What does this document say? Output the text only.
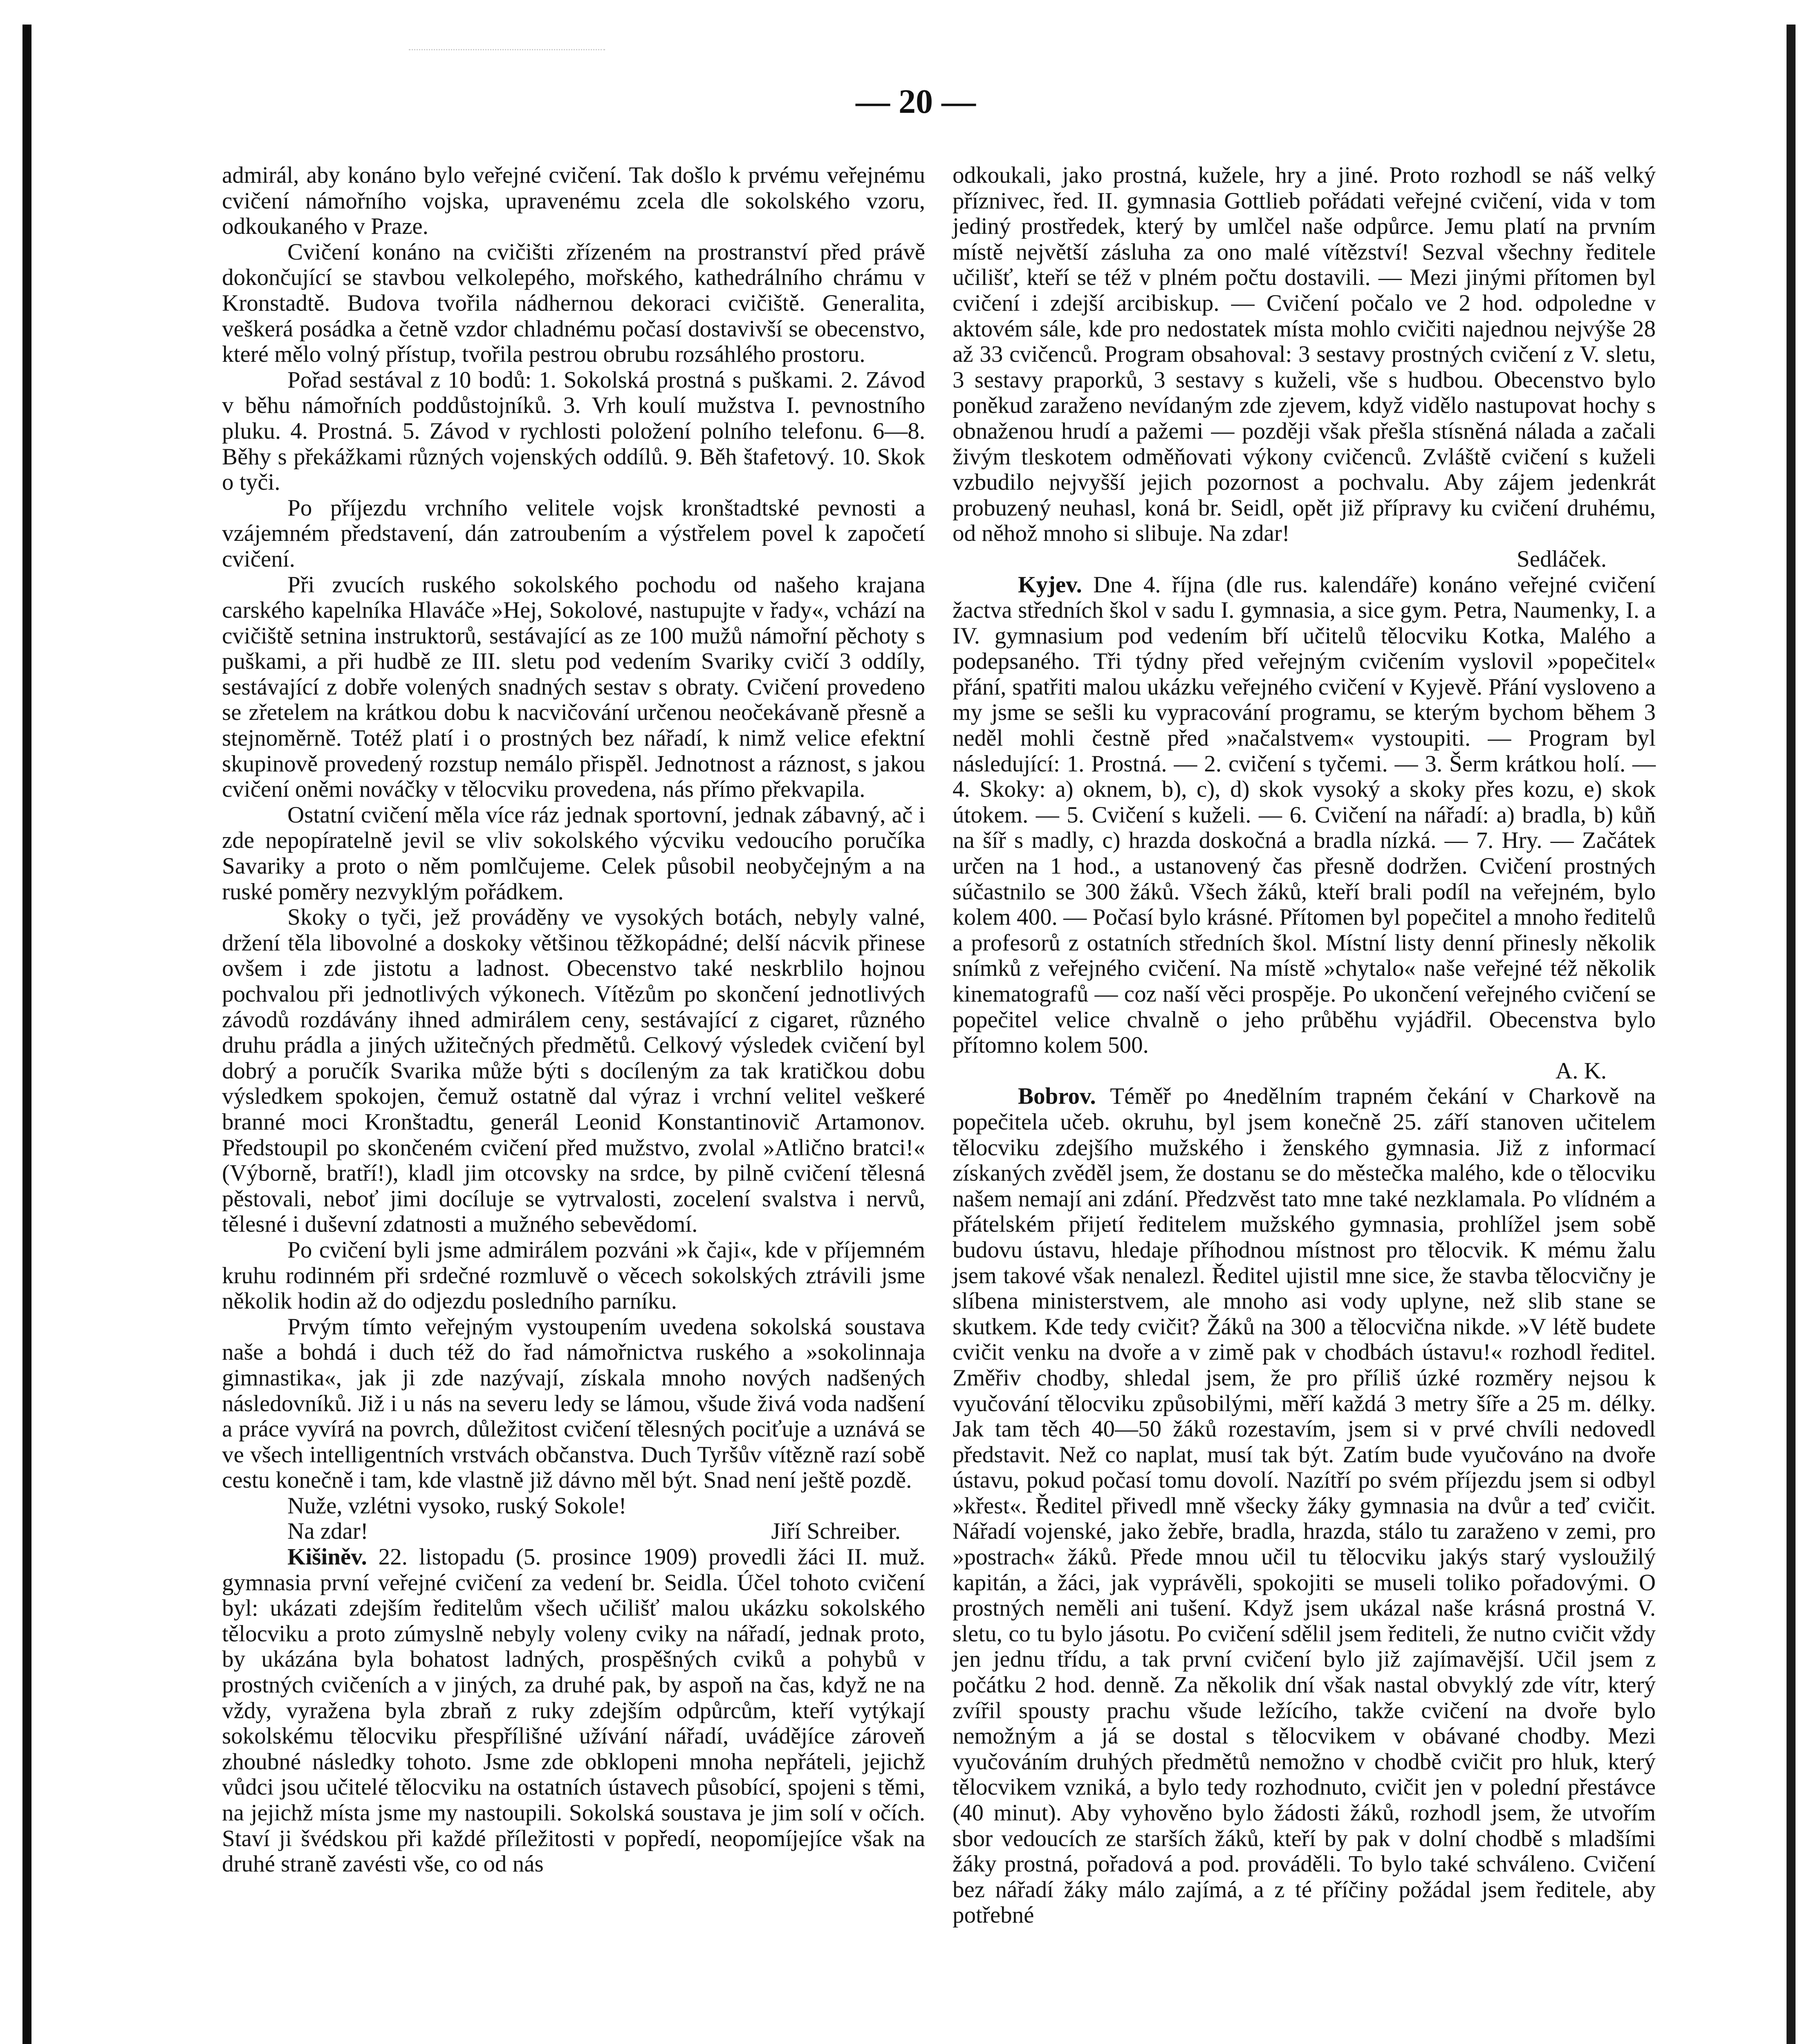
— 20 —

admirál, aby konáno bylo veřejné cvičení. Tak došlo k prvému veřejnému cvičení námořního vojska, upravenému zcela dle sokolského vzoru, odkoukaného v Praze.

Cvičení konáno na cvičišti zřízeném na prostranství před právě dokončující se stavbou velkolepého, mořského, kathedrálního chrámu v Kronstadtě. Budova tvořila nádhernou dekoraci cvičiště. Generalita, veškerá posádka a četně vzdor chladnému počasí dostavivší se obecenstvo, které mělo volný přístup, tvořila pestrou obrubu rozsáhlého prostoru.

Pořad sestával z 10 bodů: 1. Sokolská prostná s puškami. 2. Závod v běhu námořních poddůstojníků. 3. Vrh koulí mužstva I. pevnostního pluku. 4. Prostná. 5. Závod v rychlosti položení polního telefonu. 6—8. Běhy s překážkami různých vojenských oddílů. 9. Běh štafetový. 10. Skok o tyči.

Po příjezdu vrchního velitele vojsk kronštadtské pevnosti a vzájemném představení, dán zatroubením a výstřelem povel k započetí cvičení.

Při zvucích ruského sokolského pochodu od našeho krajana carského kapelníka Hlaváče »Hej, Sokolové, nastupujte v řady«, vchází na cvičiště setnina instruktorů, sestávající as ze 100 mužů námořní pěchoty s puškami, a při hudbě ze III. sletu pod vedením Svariky cvičí 3 oddíly, sestávající z dobře volených snadných sestav s obraty. Cvičení provedeno se zřetelem na krátkou dobu k nacvičování určenou neočekávaně přesně a stejnoměrně. Totéž platí i o prostných bez nářadí, k nimž velice efektní skupinově provedený rozstup nemálo přispěl. Jednotnost a ráznost, s jakou cvičení oněmi nováčky v tělocviku provedena, nás přímo překvapila.

Ostatní cvičení měla více ráz jednak sportovní, jednak zábavný, ač i zde nepopíratelně jevil se vliv sokolského výcviku vedoucího poručíka Savariky a proto o něm pomlčujeme. Celek působil neobyčejným a na ruské poměry nezvyklým pořádkem.

Skoky o tyči, jež prováděny ve vysokých botách, nebyly valné, držení těla libovolné a doskoky většinou těžkopádné; delší nácvik přinese ovšem i zde jistotu a ladnost. Obecenstvo také neskrblilo hojnou pochvalou při jednotlivých výkonech. Vítězům po skončení jednotlivých závodů rozdávány ihned admirálem ceny, sestávající z cigaret, různého druhu prádla a jiných užitečných předmětů. Celkový výsledek cvičení byl dobrý a poručík Svarika může býti s docíleným za tak kratičkou dobu výsledkem spokojen, čemuž ostatně dal výraz i vrchní velitel veškeré branné moci Kronštadtu, generál Leonid Konstantinovič Artamonov. Předstoupil po skončeném cvičení před mužstvo, zvolal »Atlično bratci!« (Výborně, bratří!), kladl jim otcovsky na srdce, by pilně cvičení tělesná pěstovali, neboť jimi docíluje se vytrvalosti, zocelení svalstva i nervů, tělesné i duševní zdatnosti a mužného sebevědomí.

Po cvičení byli jsme admirálem pozváni »k čaji«, kde v příjemném kruhu rodinném při srdečné rozmluvě o věcech sokolských ztrávili jsme několik hodin až do odjezdu posledního parníku.

Prvým tímto veřejným vystoupením uvedena sokolská soustava naše a bohdá i duch též do řad námořnictva ruského a »sokolinnaja gimnastika«, jak ji zde nazývají, získala mnoho nových nadšených následovníků. Již i u nás na severu ledy se lámou, všude živá voda nadšení a práce vyvírá na povrch, důležitost cvičení tělesných pociťuje a uznává se ve všech intelligentních vrstvách občanstva. Duch Tyršův vítězně razí sobě cestu konečně i tam, kde vlastně již dávno měl být. Snad není ještě pozdě.

Nuže, vzlétni vysoko, ruský Sokole!

Na zdar!	Jiří Schreiber.

Kišiněv. 22. listopadu (5. prosince 1909) provedli žáci II. muž. gymnasia první veřejné cvičení za vedení br. Seidla. Účel tohoto cvičení byl: ukázati zdejším ředitelům všech učilišť malou ukázku sokolského tělocviku a proto zúmyslně nebyly voleny cviky na nářadí, jednak proto, by ukázána byla bohatost ladných, prospěšných cviků a pohybů v prostných cvičeních a v jiných, za druhé pak, by aspoň na čas, když ne na vždy, vyražena byla zbraň z ruky zdejším odpůrcům, kteří vytýkají sokolskému tělocviku přespřílišné užívání nářadí, uvádějíce zároveň zhoubné následky tohoto. Jsme zde obklopeni mnoha nepřáteli, jejichž vůdci jsou učitelé tělocviku na ostatních ústavech působící, spojeni s těmi, na jejichž místa jsme my nastoupili. Sokolská soustava je jim solí v očích. Staví ji švédskou při každé příležitosti v popředí, neopomíjejíce však na druhé straně zavésti vše, co od nás

odkoukali, jako prostná, kužele, hry a jiné. Proto rozhodl se náš velký příznivec, řed. II. gymnasia Gottlieb pořádati veřejné cvičení, vida v tom jediný prostředek, který by umlčel naše odpůrce. Jemu platí na prvním místě největší zásluha za ono malé vítězství! Sezval všechny ředitele učilišť, kteří se též v plném počtu dostavili. — Mezi jinými přítomen byl cvičení i zdejší arcibiskup. — Cvičení počalo ve 2 hod. odpoledne v aktovém sále, kde pro nedostatek místa mohlo cvičiti najednou nejvýše 28 až 33 cvičenců. Program obsahoval: 3 sestavy prostných cvičení z V. sletu, 3 sestavy praporků, 3 sestavy s kuželi, vše s hudbou. Obecenstvo bylo poněkud zaraženo nevídaným zde zjevem, když vidělo nastupovat hochy s obnaženou hrudí a pažemi — později však přešla stísněná nálada a začali živým tleskotem odměňovati výkony cvičenců. Zvláště cvičení s kuželi vzbudilo nejvyšší jejich pozornost a pochvalu. Aby zájem jedenkrát probuzený neuhasl, koná br. Seidl, opět již přípravy ku cvičení druhému, od něhož mnoho si slibuje. Na zdar!

Sedláček.

Kyjev. Dne 4. října (dle rus. kalendáře) konáno veřejné cvičení žactva středních škol v sadu I. gymnasia, a sice gym. Petra, Naumenky, I. a IV. gymnasium pod vedením bří učitelů tělocviku Kotka, Malého a podepsaného. Tři týdny před veřejným cvičením vyslovil »popečitel« přání, spatřiti malou ukázku veřejného cvičení v Kyjevě. Přání vysloveno a my jsme se sešli ku vypracování programu, se kterým bychom během 3 neděl mohli čestně před »načalstvem« vystoupiti. — Program byl následující: 1. Prostná. — 2. cvičení s tyčemi. — 3. Šerm krátkou holí. — 4. Skoky: a) oknem, b), c), d) skok vysoký a skoky přes kozu, e) skok útokem. — 5. Cvičení s kuželi. — 6. Cvičení na nářadí: a) bradla, b) kůň na šíř s madly, c) hrazda doskočná a bradla nízká. — 7. Hry. — Začátek určen na 1 hod., a ustanovený čas přesně dodržen. Cvičení prostných súčastnilo se 300 žáků. Všech žáků, kteří brali podíl na veřejném, bylo kolem 400. — Počasí bylo krásné. Přítomen byl popečitel a mnoho ředitelů a profesorů z ostatních středních škol. Místní listy denní přinesly několik snímků z veřejného cvičení. Na místě »chytalo« naše veřejné též několik kinematografů — coz naší věci prospěje. Po ukončení veřejného cvičení se popečitel velice chvalně o jeho průběhu vyjádřil. Obecenstva bylo přítomno kolem 500.

A. K.

Bobrov. Téměř po 4nedělním trapném čekání v Charkově na popečitela učeb. okruhu, byl jsem konečně 25. září stanoven učitelem tělocviku zdejšího mužského i ženského gymnasia. Již z informací získaných zvěděl jsem, že dostanu se do městečka malého, kde o tělocviku našem nemají ani zdání. Předzvěst tato mne také nezklamala. Po vlídném a přátelském přijetí ředitelem mužského gymnasia, prohlížel jsem sobě budovu ústavu, hledaje příhodnou místnost pro tělocvik. K mému žalu jsem takové však nenalezl. Ředitel ujistil mne sice, že stavba tělocvičny je slíbena ministerstvem, ale mnoho asi vody uplyne, než slib stane se skutkem. Kde tedy cvičit? Žáků na 300 a tělocvična nikde. »V létě budete cvičit venku na dvoře a v zimě pak v chodbách ústavu!« rozhodl ředitel. Změřiv chodby, shledal jsem, že pro příliš úzké rozměry nejsou k vyučování tělocviku způsobilými, měří každá 3 metry šíře a 25 m. délky. Jak tam těch 40—50 žáků rozestavím, jsem si v prvé chvíli nedovedl představit. Než co naplat, musí tak být. Zatím bude vyučováno na dvoře ústavu, pokud počasí tomu dovolí. Nazítří po svém příjezdu jsem si odbyl »křest«. Ředitel přivedl mně všecky žáky gymnasia na dvůr a teď cvičit. Nářadí vojenské, jako žebře, bradla, hrazda, stálo tu zaraženo v zemi, pro »postrach« žáků. Přede mnou učil tu tělocviku jakýs starý vysloužilý kapitán, a žáci, jak vyprávěli, spokojiti se museli toliko pořadovými. O prostných neměli ani tušení. Když jsem ukázal naše krásná prostná V. sletu, co tu bylo jásotu. Po cvičení sdělil jsem řediteli, že nutno cvičit vždy jen jednu třídu, a tak první cvičení bylo již zajímavější. Učil jsem z počátku 2 hod. denně. Za několik dní však nastal obvyklý zde vítr, který zvířil spousty prachu všude ležícího, takže cvičení na dvoře bylo nemožným a já se dostal s tělocvikem v obávané chodby. Mezi vyučováním druhých předmětů nemožno v chodbě cvičit pro hluk, který tělocvikem vzniká, a bylo tedy rozhodnuto, cvičit jen v polední přestávce (40 minut). Aby vyhověno bylo žádosti žáků, rozhodl jsem, že utvořím sbor vedoucích ze starších žáků, kteří by pak v dolní chodbě s mladšími žáky prostná, pořadová a pod. prováděli. To bylo také schváleno. Cvičení bez nářadí žáky málo zajímá, a z té příčiny požádal jsem ředitele, aby potřebné
